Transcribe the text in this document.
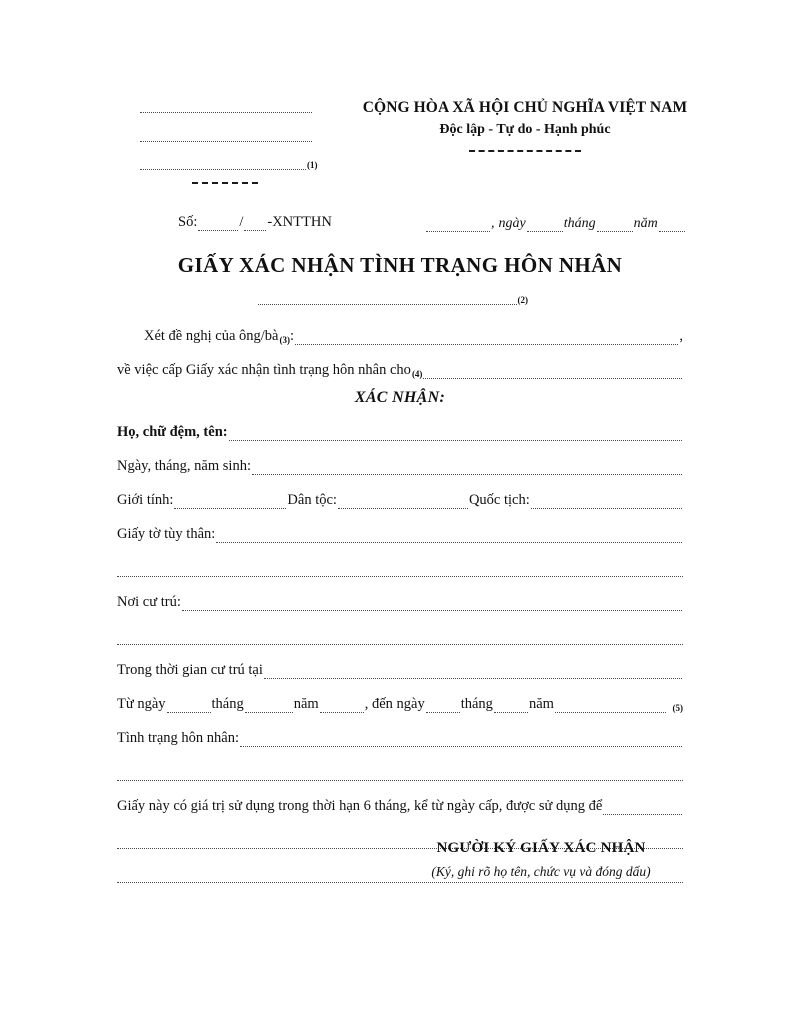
(1)
CỘNG HÒA XÃ HỘI CHỦ NGHĨA VIỆT NAM
Độc lập - Tự do - Hạnh phúc
Số:	/ -XNTTHN	, ngày	tháng	năm
GIẤY XÁC NHẬN TÌNH TRẠNG HÔN NHÂN
(2)
Xét đề nghị của ông/bà (3) :	,
về việc cấp Giấy xác nhận tình trạng hôn nhân cho (4)
XÁC NHẬN:
Họ, chữ đệm, tên:
Ngày, tháng, năm sinh:
Giới tính:	Dân tộc:	Quốc tịch:
Giấy tờ tùy thân:
Nơi cư trú:
Trong thời gian cư trú tại
Từ ngày	tháng	năm	, đến ngày tháng năm	(5)
Tình trạng hôn nhân:
Giấy này có giá trị sử dụng trong thời hạn 6 tháng, kể từ ngày cấp, được sử dụng để
NGƯỜI KÝ GIẤY XÁC NHẬN
(Ký, ghi rõ họ tên, chức vụ và đóng dấu)
